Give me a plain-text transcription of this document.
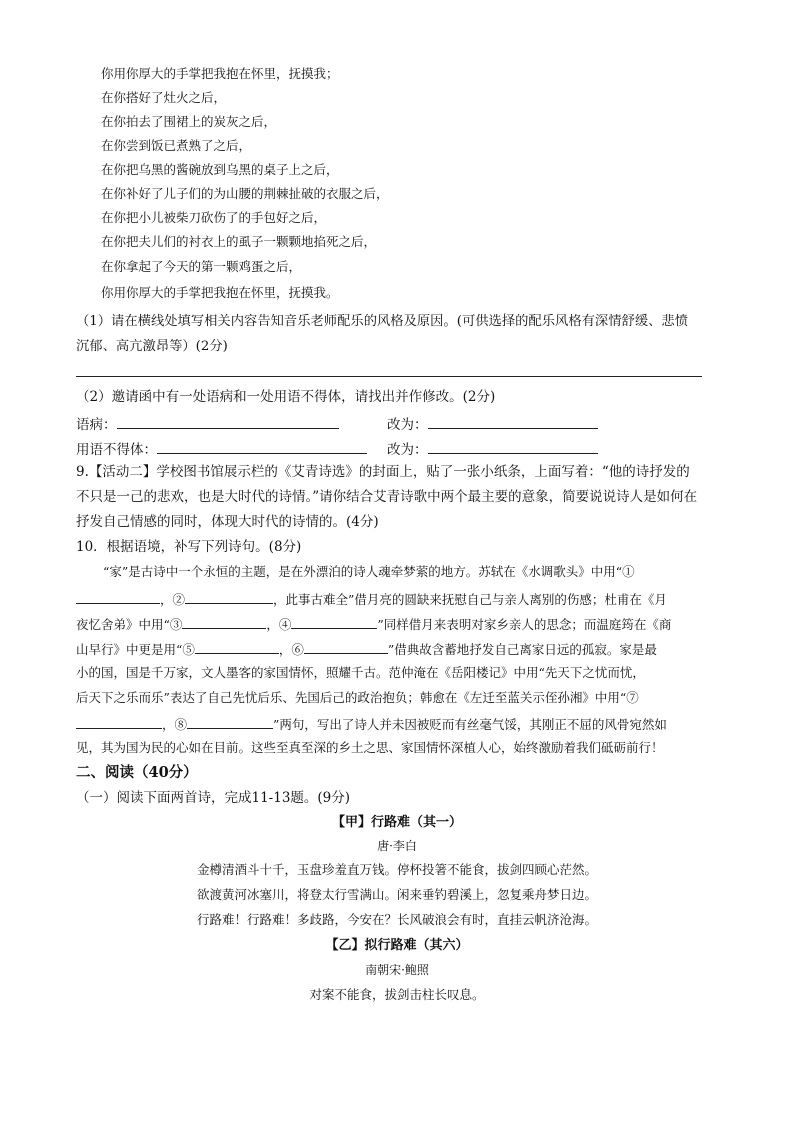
你用你厚大的手掌把我抱在怀里，抚摸我；
在你搭好了灶火之后，
在你拍去了围裙上的炭灰之后，
在你尝到饭已煮熟了之后，
在你把乌黑的酱碗放到乌黑的桌子上之后，
在你补好了儿子们的为山腰的荆棘扯破的衣服之后，
在你把小儿被柴刀砍伤了的手包好之后，
在你把夫儿们的衬衣上的虱子一颗颗地掐死之后，
在你拿起了今天的第一颗鸡蛋之后，
你用你厚大的手掌把我抱在怀里，抚摸我。
（1）请在横线处填写相关内容告知音乐老师配乐的风格及原因。(可供选择的配乐风格有深情舒缓、悲愤
沉郁、高亢激昂等）(2分)
（2）邀请函中有一处语病和一处用语不得体，请找出并作修改。(2分)
语病：	改为：
用语不得体：	改为：
9.【活动二】学校图书馆展示栏的《艾青诗选》的封面上，贴了一张小纸条，上面写着：“他的诗抒发的
不只是一己的悲欢，也是大时代的诗情。”请你结合艾青诗歌中两个最主要的意象，简要说说诗人是如何在
抒发自己情感的同时，体现大时代的诗情的。(4分)
10．根据语境，补写下列诗句。(8分)
“家”是古诗中一个永恒的主题，是在外漂泊的诗人魂牵梦萦的地方。苏轼在《水调歌头》中用“①
，②	，此事古难全”借月亮的圆缺来抚慰自己与亲人离别的伤感；杜甫在《月
夜忆舍弟》中用“③	，④	”同样借月来表明对家乡亲人的思念；而温庭筠在《商
山早行》中更是用“⑤	，⑥	”借典故含蓄地抒发自己离家日远的孤寂。家是最
小的国，国是千万家，文人墨客的家国情怀，照耀千古。范仲淹在《岳阳楼记》中用“先天下之忧而忧，
后天下之乐而乐”表达了自己先忧后乐、先国后己的政治抱负；韩愈在《左迁至蓝关示侄孙湘》中用“⑦
，⑧	”两句，写出了诗人并未因被贬而有丝毫气馁，其刚正不屈的风骨宛然如
见，其为国为民的心如在目前。这些至真至深的乡土之思、家国情怀深植人心，始终激励着我们砥砺前行！
二、阅读（40分）
（一）阅读下面两首诗，完成11-13题。(9分)
【甲】行路难（其一）
唐·李白
金樽清酒斗十千，玉盘珍羞直万钱。停杯投箸不能食，拔剑四顾心茫然。
欲渡黄河冰塞川，将登太行雪满山。闲来垂钓碧溪上，忽复乘舟梦日边。
行路难！行路难！多歧路，今安在？长风破浪会有时，直挂云帆济沧海。
【乙】拟行路难（其六）
南朝宋·鲍照
对案不能食，拔剑击柱长叹息。
